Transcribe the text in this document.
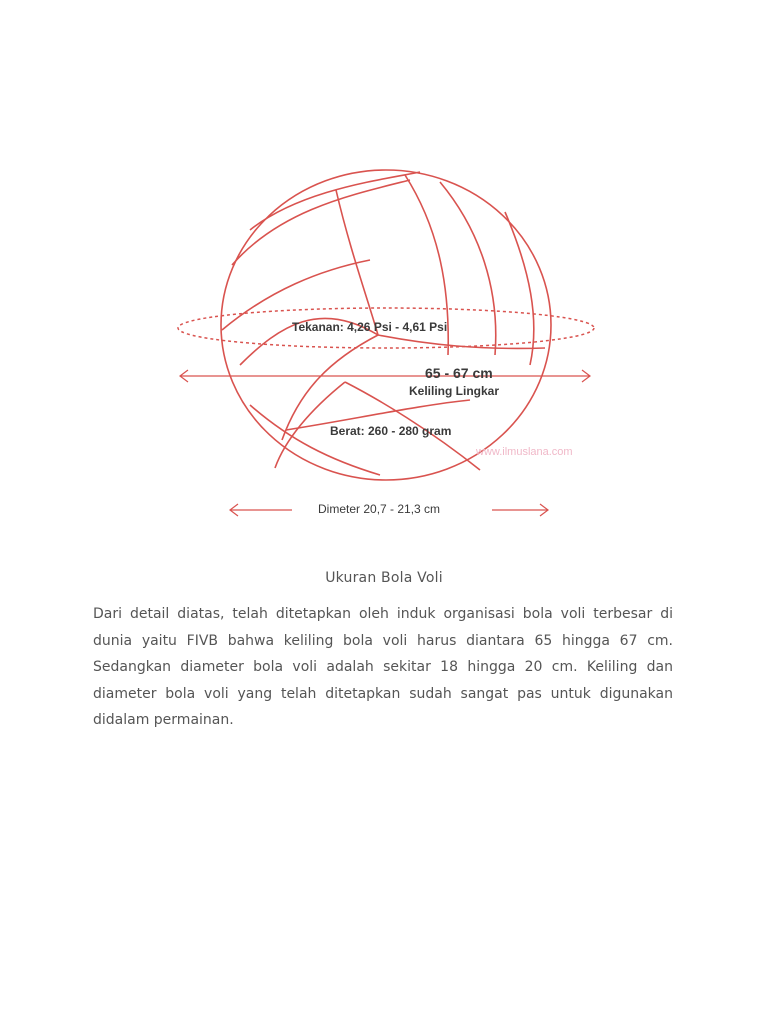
Tekanan: 4,26 Psi - 4,61 Psi
65 - 67 cm
Keliling Lingkar
Berat: 260 - 280 gram
www.ilmuslana.com
Dimeter 20,7 - 21,3 cm
Ukuran Bola Voli

Dari detail diatas, telah ditetapkan oleh induk organisasi bola voli terbesar di dunia yaitu FIVB bahwa keliling bola voli harus diantara 65 hingga 67 cm. Sedangkan diameter bola voli adalah sekitar 18 hingga 20 cm. Keliling dan diameter bola voli yang telah ditetapkan sudah sangat pas untuk digunakan didalam permainan.
